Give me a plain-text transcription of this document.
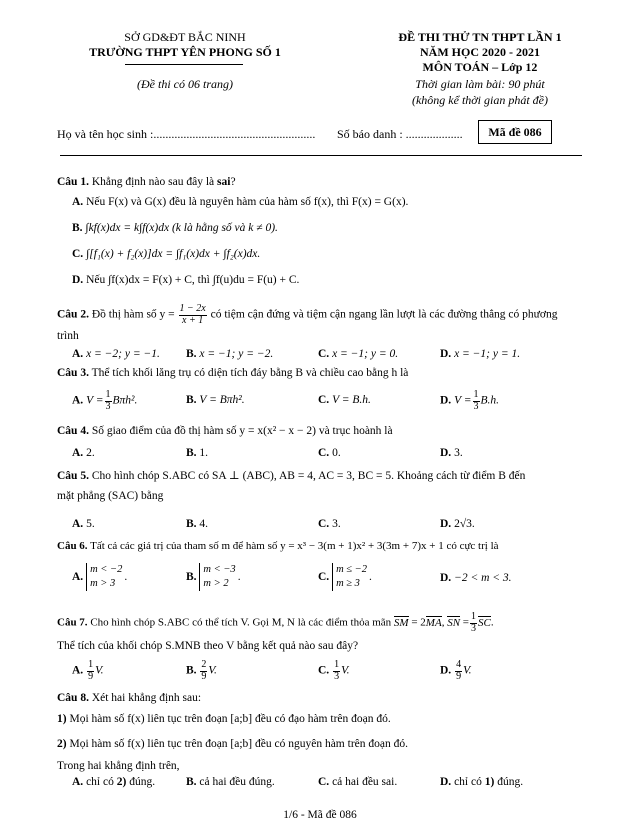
SỞ GD&ĐT BẮC NINH
TRƯỜNG THPT YÊN PHONG SỐ 1
(Đề thi có 06 trang)
ĐỀ THI THỬ TN THPT LẦN 1
NĂM HỌC 2020 - 2021
MÔN TOÁN – Lớp 12
Thời gian làm bài: 90 phút
(không kể thời gian phát đề)
Họ và tên học sinh :...................................................... Số báo danh : ...................	Mã đề 086
Câu 1. Khẳng định nào sau đây là sai?
A. Nếu F(x) và G(x) đều là nguyên hàm của hàm số f(x), thì F(x) = G(x).
B. ∫kf(x)dx = k∫f(x)dx (k là hằng số và k ≠ 0).
C. ∫[f₁(x) + f₂(x)]dx = ∫f₁(x)dx + ∫f₂(x)dx.
D. Nếu ∫f(x)dx = F(x) + C, thì ∫f(u)du = F(u) + C.
Câu 2. Đồ thị hàm số $y = \frac{1 - 2x}{x + 1}$ có tiệm cận đứng và tiệm cận ngang lần lượt là các đường thẳng có phương
trình
A. x = −2; y = −1. B. x = −1; y = −2.	C. x = −1; y = 0.	D. x = −1; y = 1.
Câu 3. Thể tích khối lăng trụ có diện tích đáy bằng B và chiều cao bằng h là
A. $V = \frac{1}{3} B\pi h^2$.	B. V = Bπh².	C. V = B.h.	D. $V = \frac{1}{3} B.h$.
Câu 4. Số giao điểm của đồ thị hàm số y = x(x² − x − 2) và trục hoành là
A. 2.	B. 1.	C. 0.	D. 3.
Câu 5. Cho hình chóp S.ABC có SA ⊥ (ABC), AB = 4, AC = 3, BC = 5. Khoảng cách từ điểm B đến
mặt phẳng (SAC) bằng
A. 5.	B. 4.	C. 3.	D. 2√3.
Câu 6. Tất cả các giá trị của tham số m để hàm số y = x³ − 3(m + 1)x² + 3(3m + 7)x + 1 có cực trị là
A. m < −2
m > 3.	B. m < −3
m > 2.	C. m ≤ −2
m ≥ 3.	D. −2 < m < 3.
Câu 7. Cho hình chóp S.ABC có thể tích V. Gọi M, N là các điểm thỏa mãn SM = 2MA, SN = $\frac{1}{3}$ SC.
Thể tích của khối chóp S.MNB theo V bằng kết quả nào sau đây?
A. $\frac{1}{9} V$.	B. $\frac{2}{9} V$.	C. $\frac{1}{3} V$.	D. $\frac{4}{9} V$.
Câu 8. Xét hai khẳng định sau:
1) Mọi hàm số f(x) liên tục trên đoạn [a;b] đều có đạo hàm trên đoạn đó.
2) Mọi hàm số f(x) liên tục trên đoạn [a;b] đều có nguyên hàm trên đoạn đó.
Trong hai khẳng định trên,
A. chỉ có 2) đúng.	B. cả hai đều đúng.	C. cả hai đều sai.	D. chỉ có 1) đúng.
1/6 - Mã đề 086
